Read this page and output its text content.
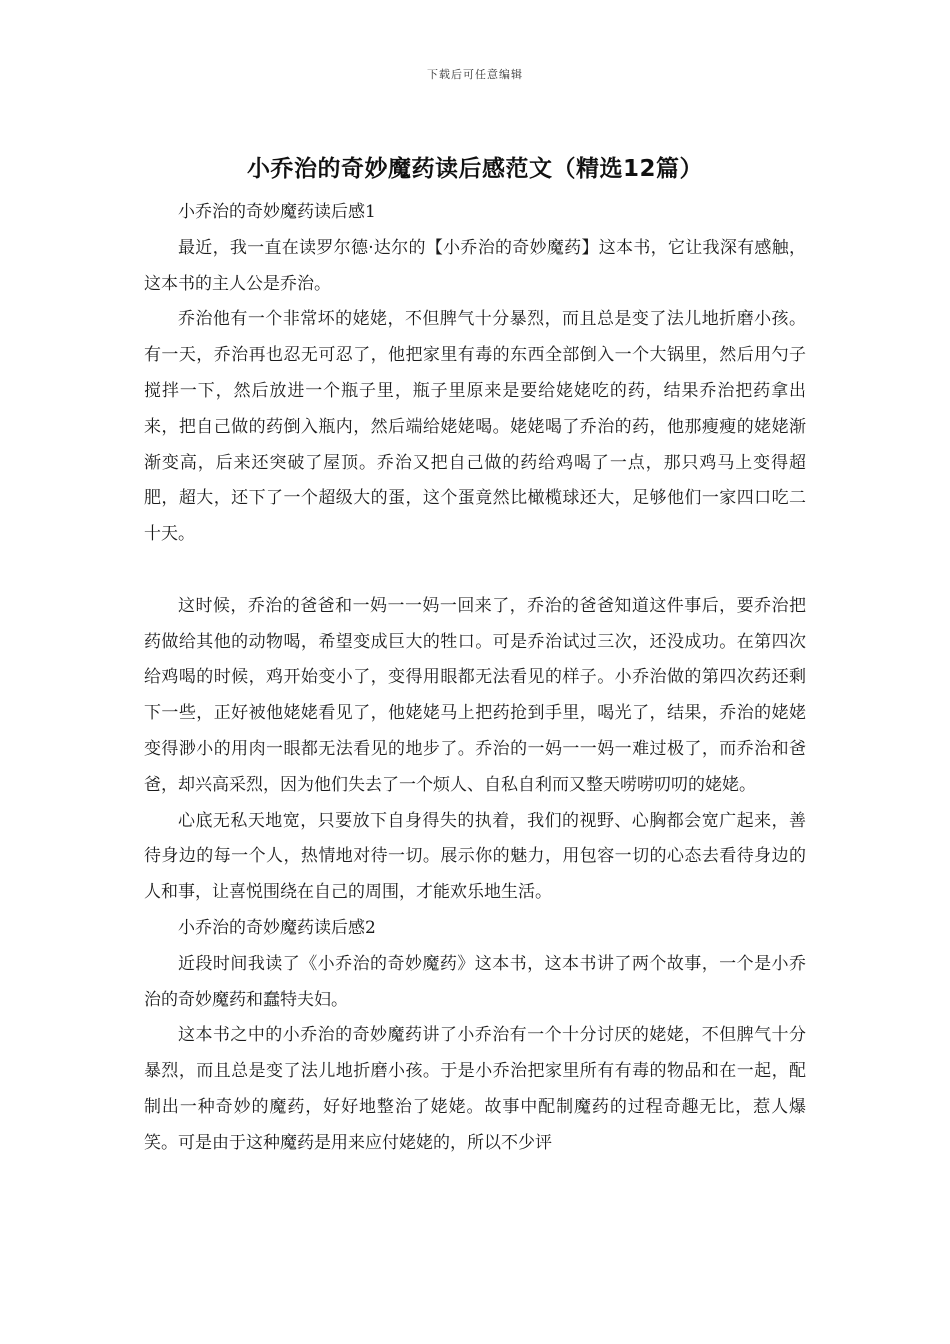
下载后可任意编辑
小乔治的奇妙魔药读后感范文（精选12篇）

小乔治的奇妙魔药读后感1

最近，我一直在读罗尔德·达尔的【小乔治的奇妙魔药】这本书，它让我深有感触，这本书的主人公是乔治。

乔治他有一个非常坏的姥姥，不但脾气十分暴烈，而且总是变了法儿地折磨小孩。有一天，乔治再也忍无可忍了，他把家里有毒的东西全部倒入一个大锅里，然后用勺子搅拌一下，然后放进一个瓶子里，瓶子里原来是要给姥姥吃的药，结果乔治把药拿出来，把自己做的药倒入瓶内，然后端给姥姥喝。姥姥喝了乔治的药，他那瘦瘦的姥姥渐渐变高，后来还突破了屋顶。乔治又把自己做的药给鸡喝了一点，那只鸡马上变得超肥，超大，还下了一个超级大的蛋，这个蛋竟然比橄榄球还大，足够他们一家四口吃二十天。

这时候，乔治的爸爸和一妈一一妈一回来了，乔治的爸爸知道这件事后，要乔治把药做给其他的动物喝，希望变成巨大的牲口。可是乔治试过三次，还没成功。在第四次给鸡喝的时候，鸡开始变小了，变得用眼都无法看见的样子。小乔治做的第四次药还剩下一些，正好被他姥姥看见了，他姥姥马上把药抢到手里，喝光了，结果，乔治的姥姥变得渺小的用肉一眼都无法看见的地步了。乔治的一妈一一妈一难过极了，而乔治和爸爸，却兴高采烈，因为他们失去了一个烦人、自私自利而又整天唠唠叨叨的姥姥。

心底无私天地宽，只要放下自身得失的执着，我们的视野、心胸都会宽广起来，善待身边的每一个人，热情地对待一切。展示你的魅力，用包容一切的心态去看待身边的人和事，让喜悦围绕在自己的周围，才能欢乐地生活。

小乔治的奇妙魔药读后感2

近段时间我读了《小乔治的奇妙魔药》这本书，这本书讲了两个故事，一个是小乔治的奇妙魔药和蠢特夫妇。

这本书之中的小乔治的奇妙魔药讲了小乔治有一个十分讨厌的姥姥，不但脾气十分暴烈，而且总是变了法儿地折磨小孩。于是小乔治把家里所有有毒的物品和在一起，配制出一种奇妙的魔药，好好地整治了姥姥。故事中配制魔药的过程奇趣无比，惹人爆笑。可是由于这种魔药是用来应付姥姥的，所以不少评
